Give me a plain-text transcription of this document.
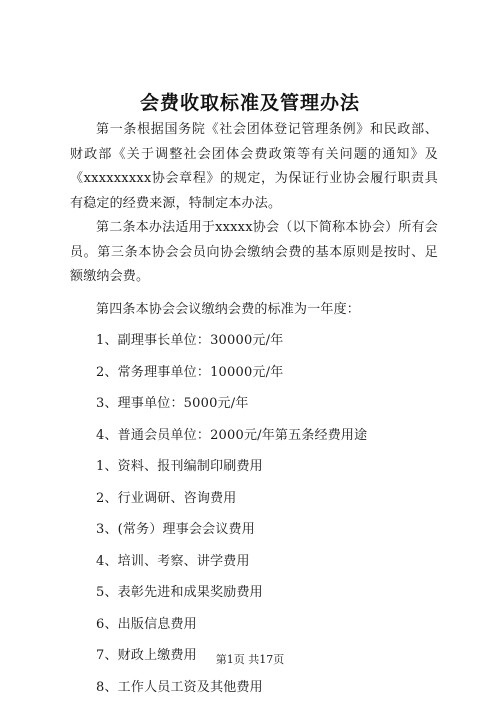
会费收取标准及管理办法

第一条根据国务院《社会团体登记管理条例》和民政部、财政部《关于调整社会团体会费政策等有关问题的通知》及《xxxxxxxxx协会章程》的规定，为保证行业协会履行职责具有稳定的经费来源，特制定本办法。

第二条本办法适用于xxxxx协会（以下简称本协会）所有会员。第三条本协会会员向协会缴纳会费的基本原则是按时、足额缴纳会费。

第四条本协会会议缴纳会费的标准为一年度：

1、副理事长单位：30000元/年
2、常务理事单位：10000元/年
3、理事单位：5000元/年
4、普通会员单位：2000元/年第五条经费用途
1、资料、报刊编制印刷费用
2、行业调研、咨询费用
3、(常务）理事会会议费用
4、培训、考察、讲学费用
5、表彰先进和成果奖励费用
6、出版信息费用
7、财政上缴费用
8、工作人员工资及其他费用
第1页 共17页
